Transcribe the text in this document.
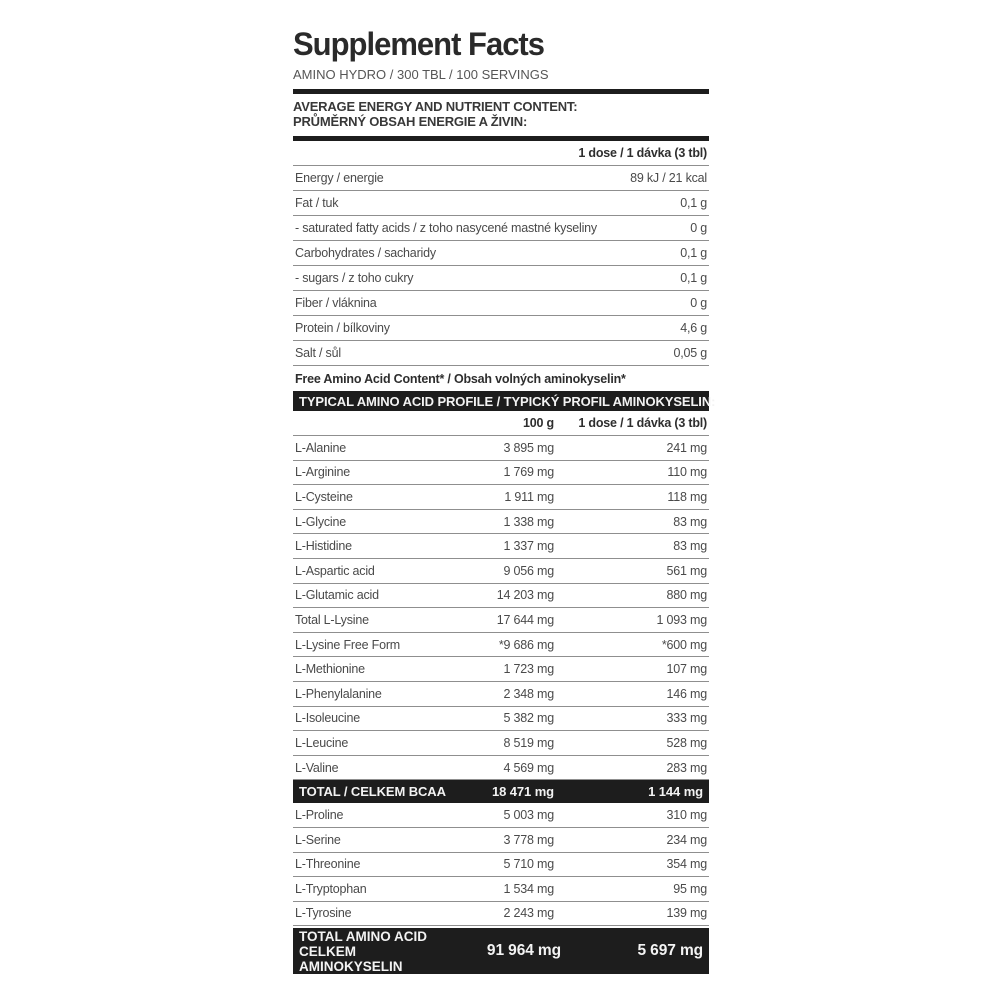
Supplement Facts
AMINO HYDRO / 300 TBL / 100 SERVINGS
AVERAGE ENERGY AND NUTRIENT CONTENT:
PRŮMĚRNÝ OBSAH ENERGIE A ŽIVIN:
1 dose / 1 dávka (3 tbl)
Energy / energie	89 kJ / 21 kcal
Fat / tuk	0,1 g
- saturated fatty acids / z toho nasycené mastné kyseliny	0 g
Carbohydrates / sacharidy	0,1 g
- sugars / z toho cukry	0,1 g
Fiber / vláknina	0 g
Protein / bílkoviny	4,6 g
Salt / sůl	0,05 g
Free Amino Acid Content* / Obsah volných aminokyselin*
TYPICAL AMINO ACID PROFILE / TYPICKÝ PROFIL AMINOKYSELIN:
100 g	1 dose / 1 dávka (3 tbl)
L-Alanine	3 895 mg	241 mg
L-Arginine	1 769 mg	110 mg
L-Cysteine	1 911 mg	118 mg
L-Glycine	1 338 mg	83 mg
L-Histidine	1 337 mg	83 mg
L-Aspartic acid	9 056 mg	561 mg
L-Glutamic acid	14 203 mg	880 mg
Total L-Lysine	17 644 mg	1 093 mg
L-Lysine Free Form	*9 686 mg	*600 mg
L-Methionine	1 723 mg	107 mg
L-Phenylalanine	2 348 mg	146 mg
L-Isoleucine	5 382 mg	333 mg
L-Leucine	8 519 mg	528 mg
L-Valine	4 569 mg	283 mg
TOTAL / CELKEM BCAA	18 471 mg	1 144 mg
L-Proline	5 003 mg	310 mg
L-Serine	3 778 mg	234 mg
L-Threonine	5 710 mg	354 mg
L-Tryptophan	1 534 mg	95 mg
L-Tyrosine	2 243 mg	139 mg
TOTAL AMINO ACID
CELKEM AMINOKYSELIN
91 964 mg	5 697 mg
